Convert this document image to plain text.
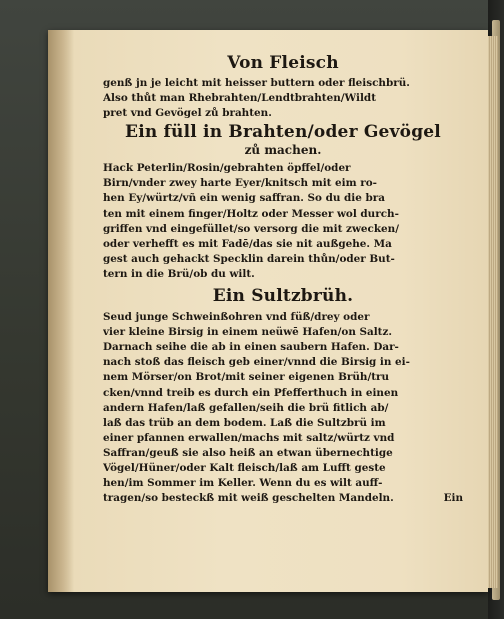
Von Fleisch
genß jn je leicht mit heisser buttern oder fleischbrü.
Also thůt man Rhebrahten/Lendtbrahten/Wildt
pret vnd Gevögel zů brahten.
Ein füll in Brahten/oder Gevögel
zů machen.
Hack Peterlin/Rosin/gebrahten öpffel/oder
Birn/vnder zwey harte Eyer/knitsch mit eim ro-
hen Ey/würtz/vñ ein wenig saffran. So du die bra
ten mit einem finger/Holtz oder Messer wol durch-
griffen vnd eingefüllet/so versorg die mit zwecken/
oder verhefft es mit Fadē/das sie nit außgehe. Ma
gest auch gehackt Specklin darein thůn/oder But-
tern in die Brü/ob du wilt.
Ein Sultzbrüh.
Seud junge Schweinßohren vnd füß/drey oder
vier kleine Birsig in einem neüwē Hafen/on Saltz.
Darnach seihe die ab in einen saubern Hafen. Dar-
nach stoß das fleisch geb einer/vnnd die Birsig in ei-
nem Mörser/on Brot/mit seiner eigenen Brüh/tru
cken/vnnd treib es durch ein Pfefferthuch in einen
andern Hafen/laß gefallen/seih die brü fitlich ab/
laß das trüb an dem bodem. Laß die Sultzbrü im
einer pfannen erwallen/machs mit saltz/würtz vnd
Saffran/geuß sie also heiß an etwan übernechtige
Vögel/Hüner/oder Kalt fleisch/laß am Lufft geste
hen/im Sommer im Keller. Wenn du es wilt auff-
tragen/so besteckß mit weiß geschelten Mandeln.	Ein
